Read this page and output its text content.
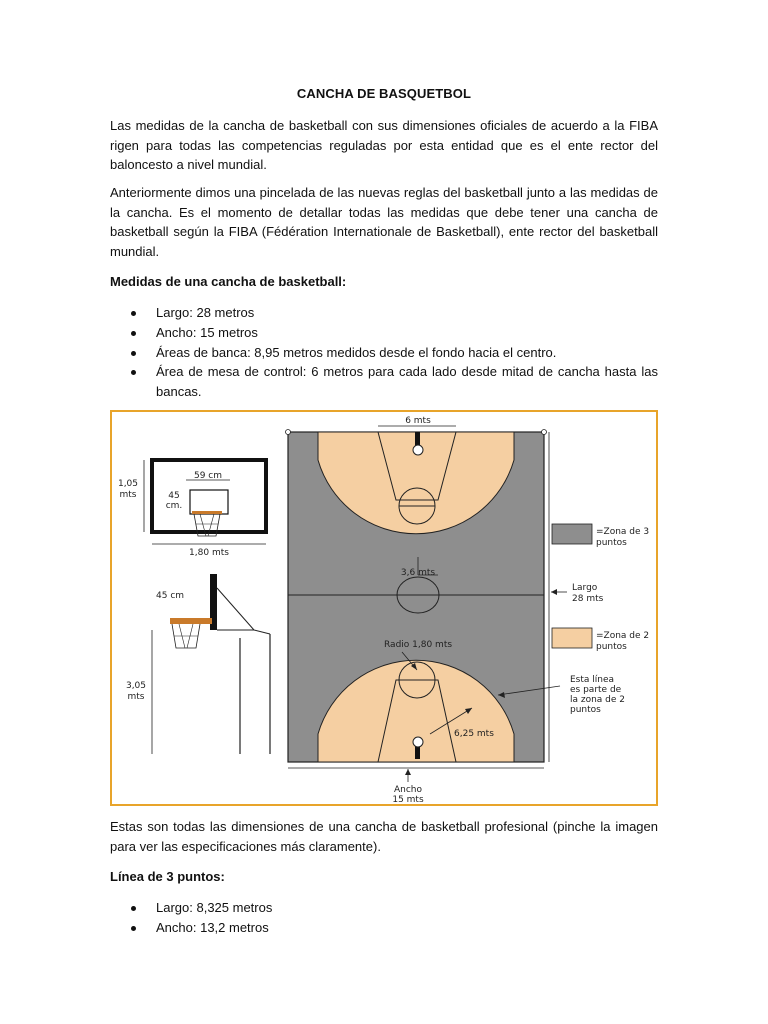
CANCHA DE BASQUETBOL

Las medidas de la cancha de basketball con sus dimensiones oficiales de acuerdo a la FIBA rigen para todas las competencias reguladas por esta entidad que es el ente rector del baloncesto a nivel mundial.

Anteriormente dimos una pincelada de las nuevas reglas del basketball junto a las medidas de la cancha. Es el momento de detallar todas las medidas que debe tener una cancha de basketball según la FIBA (Fédération Internationale de Basketball), ente rector del basketball mundial.

Medidas de una cancha de basketball:

Largo: 28 metros
Ancho: 15 metros
Áreas de banca: 8,95 metros medidos desde el fondo hacia el centro.
Área de mesa de control: 6 metros para cada lado desde mitad de cancha hasta las bancas.
6 mts
3,6 mts
Radio 1,80 mts
6,25 mts
Ancho
15 mts
Largo
28 mts
=Zona de 3
puntos
=Zona de 2
puntos
Esta línea
es parte de
la zona de 2
puntos
59 cm
45
cm.
1,80 mts
1,05
mts
45 cm
3,05
mts

Estas son todas las dimensiones de una cancha de basketball profesional (pinche la imagen para ver las especificaciones más claramente).

Línea de 3 puntos:

Largo: 8,325 metros
Ancho: 13,2 metros
